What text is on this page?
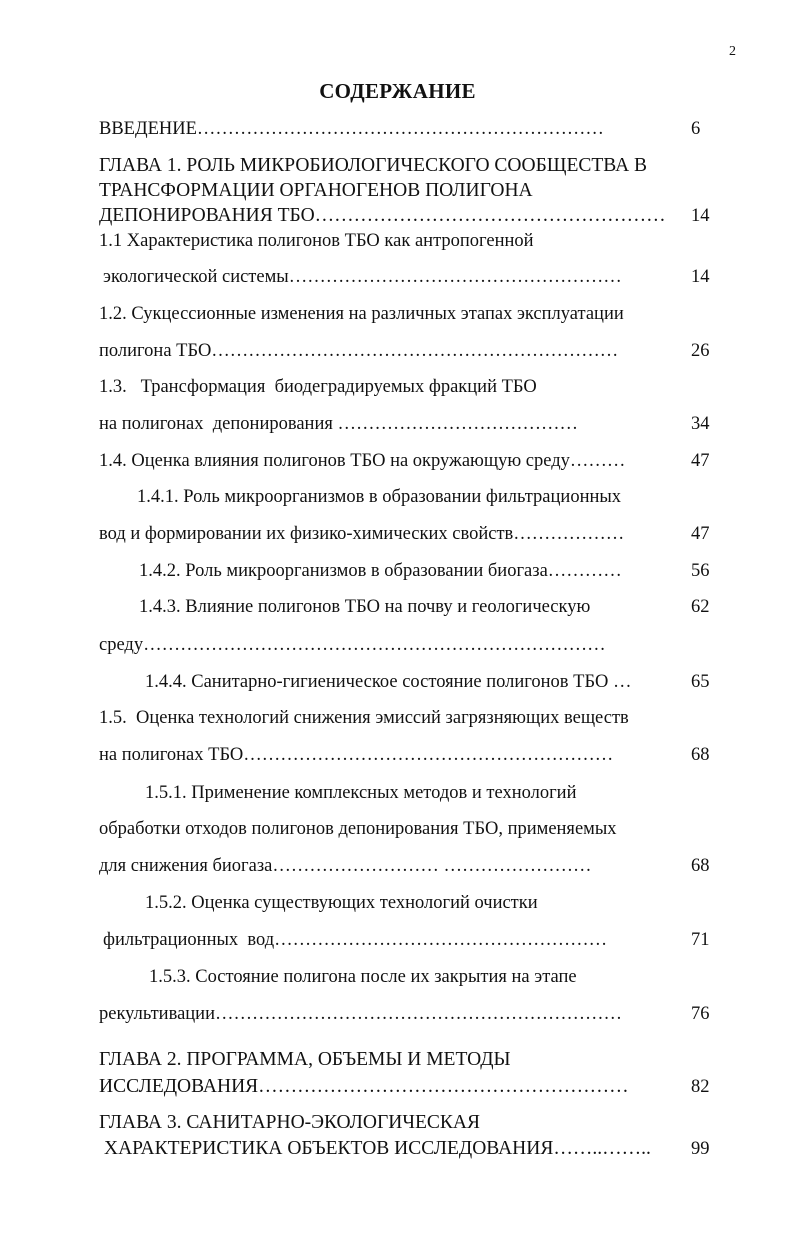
2
СОДЕРЖАНИЕ
ВВЕДЕНИЕ…………………………………………………………	6
ГЛАВА 1. РОЛЬ МИКРОБИОЛОГИЧЕСКОГО СООБЩЕСТВА В
ТРАНСФОРМАЦИИ ОРГАНОГЕНОВ ПОЛИГОНА
ДЕПОНИРОВАНИЯ ТБО……………………………………………… 14
1.1 Характеристика полигонов ТБО как антропогенной
экологической системы………………………………………………	14
1.2. Сукцессионные изменения на различных этапах эксплуатации
полигона ТБО…………………………………………………………	26
1.3.   Трансформация  биодеградируемых фракций ТБО
на полигонах  депонирования …………………………………	34
1.4. Оценка влияния полигонов ТБО на окружающую среду………	47
1.4.1. Роль микроорганизмов в образовании фильтрационных
вод и формировании их физико-химических свойств………………	47
1.4.2. Роль микроорганизмов в образовании биогаза…………	56
1.4.3. Влияние полигонов ТБО на почву и геологическую	62
среду…………………………………………………………………
1.4.4. Санитарно-гигиеническое состояние полигонов ТБО …	65
1.5.  Оценка технологий снижения эмиссий загрязняющих веществ
на полигонах ТБО……………………………………………………	68
1.5.1. Применение комплексных методов и технологий
обработки отходов полигонов депонирования ТБО, применяемых
для снижения биогаза……………………… ……………………	68
1.5.2. Оценка существующих технологий очистки
фильтрационных  вод………………………………………………	71
1.5.3. Состояние полигона после их закрытия на этапе
рекультивации…………………………………………………………	76
ГЛАВА 2. ПРОГРАММА, ОБЪЕМЫ И МЕТОДЫ
ИССЛЕДОВАНИЯ…………………………………………………	82
ГЛАВА 3. САНИТАРНО-ЭКОЛОГИЧЕСКАЯ
ХАРАКТЕРИСТИКА ОБЪЕКТОВ ИССЛЕДОВАНИЯ……..…….. 99
